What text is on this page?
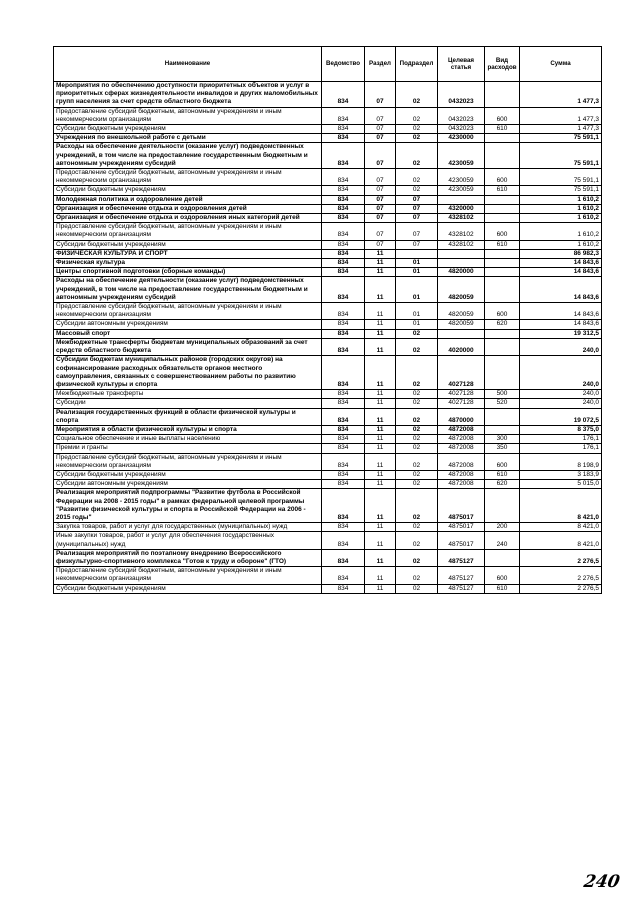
Наименование	Ведомство	Раздел	Подраздел	Целевая статья	Вид расходов	Сумма
Мероприятия по обеспечению доступности приоритетных объектов и услуг в приоритетных сферах жизнедеятельности инвалидов и других маломобильных групп населения за счет средств областного бюджета	834	07	02	0432023		1 477,3
Предоставление субсидий бюджетным, автономным учреждениям и иным некоммерческим организациям	834	07	02	0432023	600	1 477,3
Субсидии бюджетным учреждениям	834	07	02	0432023	610	1 477,3
Учреждения по внешкольной работе с детьми	834	07	02	4230000		75 591,1
Расходы на обеспечение деятельности (оказание услуг) подведомственных учреждений, в том числе на предоставление государственным бюджетным и автономным учреждениям субсидий	834	07	02	4230059		75 591,1
Предоставление субсидий бюджетным, автономным учреждениям и иным некоммерческим организациям	834	07	02	4230059	600	75 591,1
Субсидии бюджетным учреждениям	834	07	02	4230059	610	75 591,1
Молодежная политика и оздоровление детей	834	07	07			1 610,2
Организация и обеспечение отдыха и оздоровления детей	834	07	07	4320000		1 610,2
Организация и обеспечение отдыха и оздоровления иных категорий детей	834	07	07	4328102		1 610,2
Предоставление субсидий бюджетным, автономным учреждениям и иным некоммерческим организациям	834	07	07	4328102	600	1 610,2
Субсидии бюджетным учреждениям	834	07	07	4328102	610	1 610,2
ФИЗИЧЕСКАЯ КУЛЬТУРА И СПОРТ	834	11				86 982,3
Физическая культура	834	11	01			14 843,6
Центры спортивной подготовки (сборные команды)	834	11	01	4820000		14 843,6
Расходы на обеспечение деятельности (оказание услуг) подведомственных учреждений, в том числе на предоставление государственным бюджетным и автономным учреждениям субсидий	834	11	01	4820059		14 843,6
Предоставление субсидий бюджетным, автономным учреждениям и иным некоммерческим организациям	834	11	01	4820059	600	14 843,6
Субсидии автономным учреждениям	834	11	01	4820059	620	14 843,6
Массовый спорт	834	11	02			19 312,5
Межбюджетные трансферты бюджетам муниципальных образований за счет средств областного бюджета	834	11	02	4020000		240,0
Субсидии бюджетам муниципальных районов (городских округов) на софинансирование расходных обязательств органов местного самоуправления, связанных с совершенствованием работы по развитию физической культуры и спорта	834	11	02	4027128		240,0
Межбюджетные трансферты	834	11	02	4027128	500	240,0
Субсидии	834	11	02	4027128	520	240,0
Реализация государственных функций в области физической культуры и спорта	834	11	02	4870000		19 072,5
Мероприятия в области физической культуры и спорта	834	11	02	4872008		8 375,0
Социальное обеспечение и иные выплаты населению	834	11	02	4872008	300	176,1
Премии и гранты	834	11	02	4872008	350	176,1
Предоставление субсидий бюджетным, автономным учреждениям и иным некоммерческим организациям	834	11	02	4872008	600	8 198,9
Субсидии бюджетным учреждениям	834	11	02	4872008	610	3 183,9
Субсидии автономным учреждениям	834	11	02	4872008	620	5 015,0
Реализация мероприятий подпрограммы "Развитие футбола в Российской Федерации на 2008 - 2015 годы" в рамках федеральной целевой программы "Развитие физической культуры и спорта в Российской Федерации на 2006 - 2015 годы"	834	11	02	4875017		8 421,0
Закупка товаров, работ и услуг для государственных (муниципальных) нужд	834	11	02	4875017	200	8 421,0
Иные закупки товаров, работ и услуг для обеспечения государственных (муниципальных) нужд	834	11	02	4875017	240	8 421,0
Реализация мероприятий по поэтапному внедрению Всероссийского физкультурно-спортивного комплекса "Готов к труду и обороне" (ГТО)	834	11	02	4875127		2 276,5
Предоставление субсидий бюджетным, автономным учреждениям и иным некоммерческим организациям	834	11	02	4875127	600	2 276,5
Субсидии бюджетным учреждениям	834	11	02	4875127	610	2 276,5
240
